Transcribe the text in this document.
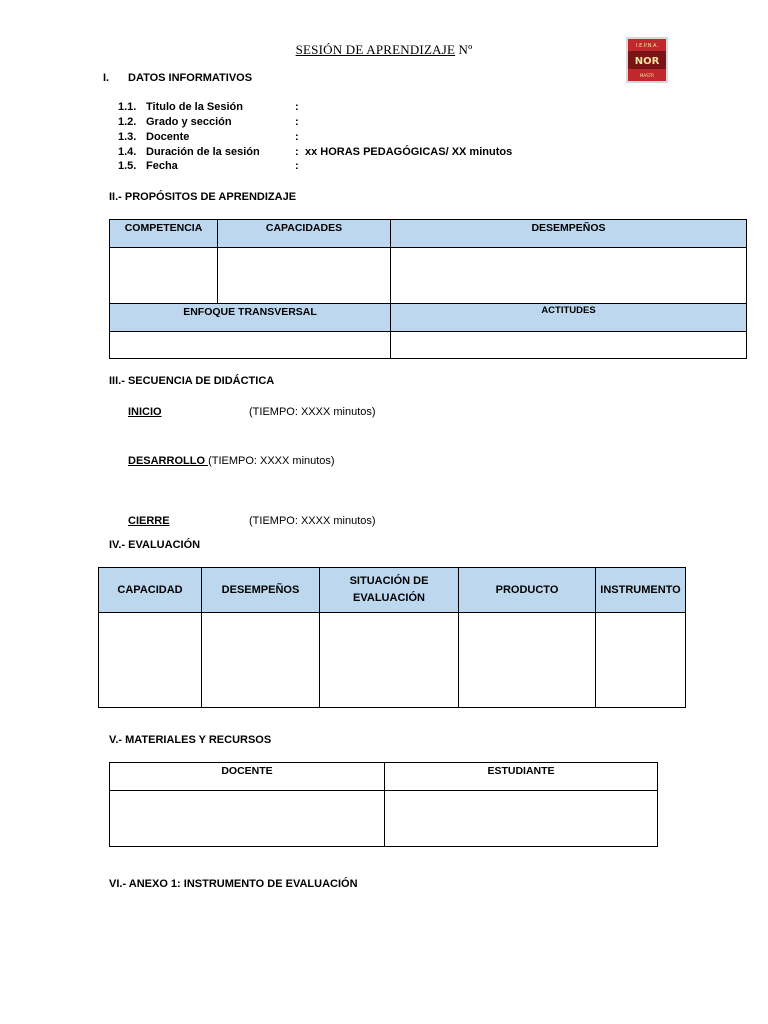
SESIÓN DE APRENDIZAJE Nº	I.E.P.N.A.
NOR
MASTR
I. DATOS INFORMATIVOS
1.1. Titulo de la Sesión	:
1.2. Grado y sección	:
1.3. Docente	:
1.4. Duración de la sesión	: xx HORAS PEDAGÓGICAS/ XX minutos
1.5. Fecha	:
II.- PROPÓSITOS DE APRENDIZAJE
COMPETENCIA	CAPACIDADES	DESEMPEÑOS

ENFOQUE TRANSVERSAL		ACTITUDES

III.- SECUENCIA DE DIDÁCTICA
INICIO	(TIEMPO: XXXX minutos)
DESARROLLO (TIEMPO: XXXX minutos)
CIERRE	(TIEMPO: XXXX minutos)
IV.- EVALUACIÓN
CAPACIDAD	DESEMPEÑOS	SITUACIÓN DE EVALUACIÓN	PRODUCTO	INSTRUMENTO

V.- MATERIALES Y RECURSOS
DOCENTE	ESTUDIANTE

VI.- ANEXO 1: INSTRUMENTO DE EVALUACIÓN
